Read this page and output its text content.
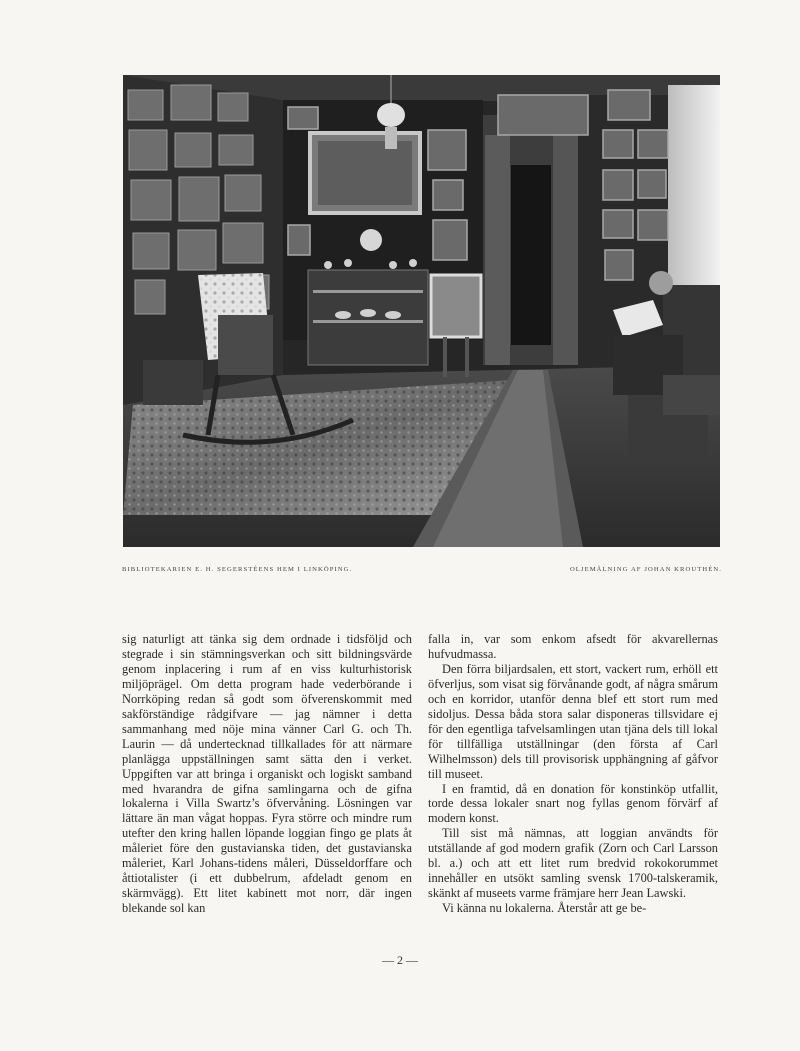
BIBLIOTEKARIEN E. H. SEGERSTÉENS HEM I LINKÖPING.	OLJEMÅLNING AF JOHAN KROUTHÉN.

sig naturligt att tänka sig dem ordnade i tidsföljd och stegrade i sin stämningsverkan och sitt bildningsvärde genom inplacering i rum af en viss kulturhistorisk miljöprägel. Om detta program hade vederbörande i Norrköping redan så godt som öfverenskommit med sakförständige rådgifvare — jag nämner i detta sammanhang med nöje mina vänner Carl G. och Th. Laurin — då undertecknad tillkallades för att närmare planlägga uppställningen samt sätta den i verket. Uppgiften var att bringa i organiskt och logiskt samband med hvarandra de gifna samlingarna och de gifna lokalerna i Villa Swartz’s öfvervåning. Lösningen var lättare än man vågat hoppas. Fyra större och mindre rum utefter den kring hallen löpande loggian fingo ge plats åt måleriet före den gustavianska tiden, det gustavianska måleriet, Karl Johans-tidens måleri, Düsseldorffare och åttiotalister (i ett dubbelrum, afdeladt genom en skärmvägg). Ett litet kabinett mot norr, där ingen blekande sol kan

falla in, var som enkom afsedt för akvarellernas hufvudmassa.

Den förra biljardsalen, ett stort, vackert rum, erhöll ett öfverljus, som visat sig förvånande godt, af några smårum och en korridor, utanför denna blef ett stort rum med sidoljus. Dessa båda stora salar disponeras tillsvidare ej för den egentliga tafvelsamlingen utan tjäna dels till lokal för tillfälliga utställningar (den första af Carl Wilhelmsson) dels till provisorisk upphängning af gåfvor till museet.

I en framtid, då en donation för konstinköp utfallit, torde dessa lokaler snart nog fyllas genom förvärf af modern konst.

Till sist må nämnas, att loggian användts för utställande af god modern grafik (Zorn och Carl Larsson bl. a.) och att ett litet rum bredvid rokokorummet innehåller en utsökt samling svensk 1700-talskeramik, skänkt af museets varme främjare herr Jean Lawski.

Vi känna nu lokalerna. Återstår att ge be-

— 2 —
